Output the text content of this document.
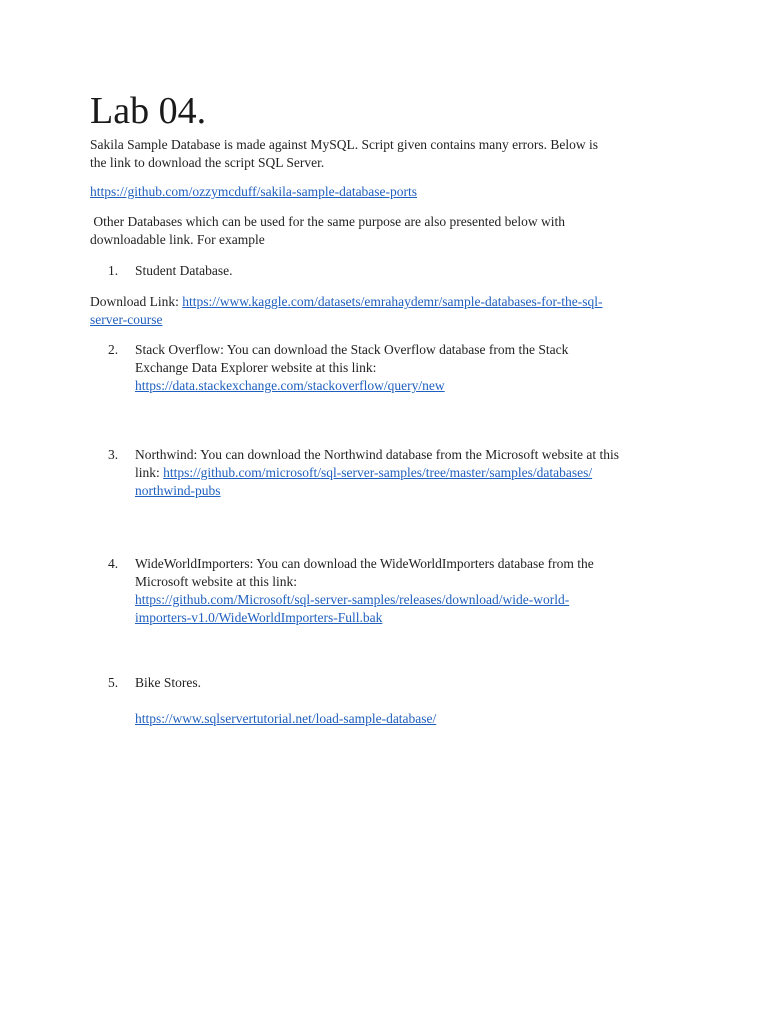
Lab 04.
Sakila Sample Database is made against MySQL. Script given contains many errors. Below is
the link to download the script SQL Server.
https://github.com/ozzymcduff/sakila-sample-database-ports
Other Databases which can be used for the same purpose are also presented below with
downloadable link. For example
1.	Student Database.
Download Link: https://www.kaggle.com/datasets/emrahaydemr/sample-databases-for-the-sql-
server-course
2.	Stack Overflow: You can download the Stack Overflow database from the Stack
Exchange Data Explorer website at this link:
https://data.stackexchange.com/stackoverflow/query/new
3.	Northwind: You can download the Northwind database from the Microsoft website at this
link: https://github.com/microsoft/sql-server-samples/tree/master/samples/databases/
northwind-pubs
4.	WideWorldImporters: You can download the WideWorldImporters database from the
Microsoft website at this link:
https://github.com/Microsoft/sql-server-samples/releases/download/wide-world-
importers-v1.0/WideWorldImporters-Full.bak
5.	Bike Stores.
https://www.sqlservertutorial.net/load-sample-database/
